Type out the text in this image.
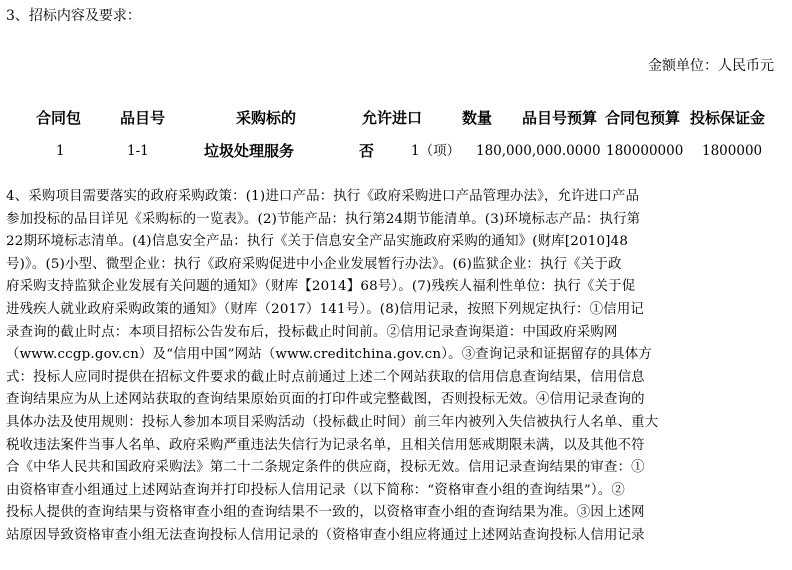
3、招标内容及要求：
金额单位：人民币元
合同包	品目号	采购标的	允许进口	数量 品目号预算 合同包预算 投标保证金
1	1-1	垃圾处理服务	否	1（项） 180,000,000.0000 180000000 1800000
4、采购项目需要落实的政府采购政策：(1)进口产品：执行《政府采购进口产品管理办法》，允许进口产品
参加投标的品目详见《采购标的一览表》。(2)节能产品：执行第24期节能清单。(3)环境标志产品：执行第
22期环境标志清单。(4)信息安全产品：执行《关于信息安全产品实施政府采购的通知》(财库[2010]48
号)》。(5)小型、微型企业：执行《政府采购促进中小企业发展暂行办法》。(6)监狱企业：执行《关于政
府采购支持监狱企业发展有关问题的通知》（财库【2014】68号）。(7)残疾人福利性单位：执行《关于促
进残疾人就业政府采购政策的通知》（财库（2017）141号）。(8)信用记录，按照下列规定执行：①信用记
录查询的截止时点：本项目招标公告发布后，投标截止时间前。②信用记录查询渠道：中国政府采购网
（www.ccgp.gov.cn）及“信用中国”网站（www.creditchina.gov.cn）。③查询记录和证据留存的具体方
式：投标人应同时提供在招标文件要求的截止时点前通过上述二个网站获取的信用信息查询结果，信用信息
查询结果应为从上述网站获取的查询结果原始页面的打印件或完整截图，否则投标无效。④信用记录查询的
具体办法及使用规则：投标人参加本项目采购活动（投标截止时间）前三年内被列入失信被执行人名单、重大
税收违法案件当事人名单、政府采购严重违法失信行为记录名单，且相关信用惩戒期限未满，以及其他不符
合《中华人民共和国政府采购法》第二十二条规定条件的供应商，投标无效。信用记录查询结果的审查：①
由资格审查小组通过上述网站查询并打印投标人信用记录（以下简称：“资格审查小组的查询结果”）。②
投标人提供的查询结果与资格审查小组的查询结果不一致的，以资格审查小组的查询结果为准。③因上述网
站原因导致资格审查小组无法查询投标人信用记录的（资格审查小组应将通过上述网站查询投标人信用记录
